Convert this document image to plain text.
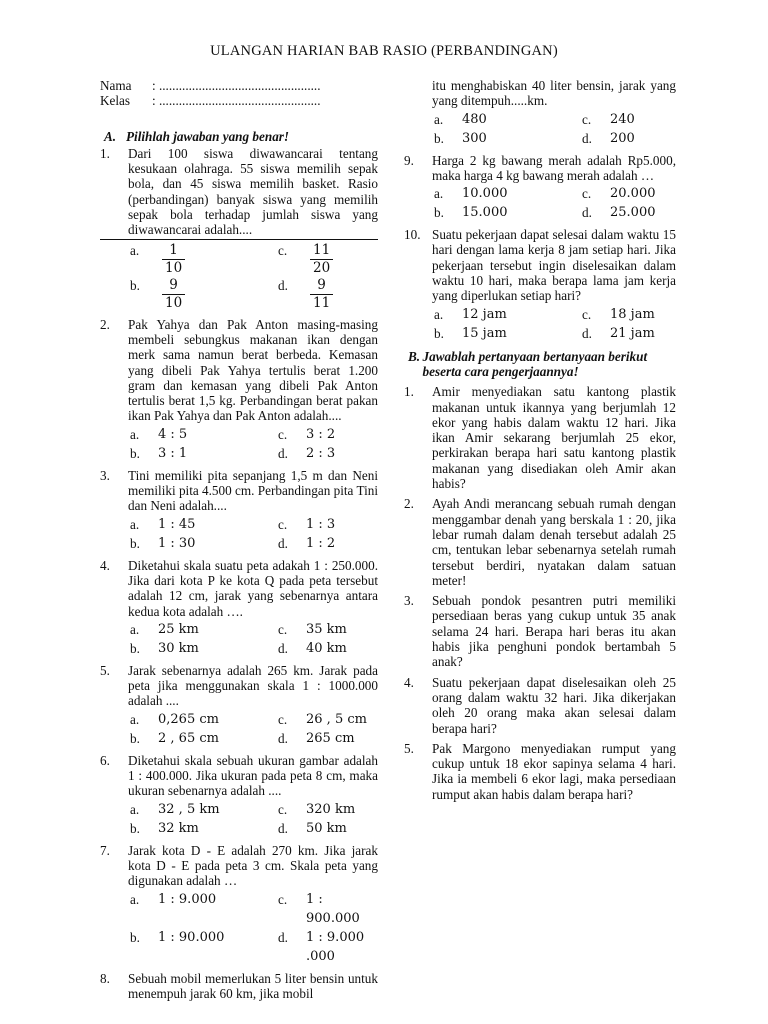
ULANGAN HARIAN BAB RASIO (PERBANDINGAN)
Nama	: .................................................
Kelas	: .................................................
A. Pilihlah jawaban yang benar!
1.	Dari 100 siswa diwawancarai tentang kesukaan olahraga. 55 siswa memilih sepak bola, dan 45 siswa memilih basket. Rasio (perbandingan) banyak siswa yang memilih sepak bola terhadap jumlah siswa yang diwawancarai adalah....
a.	$\frac{1}{10}$	c.	$\frac{11}{20}$
b.	$\frac{9}{10}$	d.	$\frac{9}{11}$
2.	Pak Yahya dan Pak Anton masing-masing membeli sebungkus makanan ikan dengan merk sama namun berat berbeda. Kemasan yang dibeli Pak Yahya tertulis berat 1.200 gram dan kemasan yang dibeli Pak Anton tertulis berat 1,5 kg. Perbandingan berat pakan ikan Pak Yahya dan Pak Anton adalah....
a.	4 : 5	c.	3 : 2
b.	3 : 1	d.	2 : 3
3.	Tini memiliki pita sepanjang 1,5 m dan Neni memiliki pita 4.500 cm. Perbandingan pita Tini dan Neni adalah....
a.	1 : 45	c.	1 : 3
b.	1 : 30	d.	1 : 2
4.	Diketahui skala suatu peta adakah 1 : 250.000. Jika dari kota P ke kota Q pada peta tersebut adalah 12 cm, jarak yang sebenarnya antara kedua kota adalah ….
a.	25 km	c.	35 km
b.	30 km	d.	40 km
5.	Jarak sebenarnya adalah 265 km. Jarak pada peta jika menggunakan skala 1 : 1000.000 adalah ....
a.	0,265 cm	c.	26 , 5 cm
b.	2 , 65 cm	d.	265 cm
6.	Diketahui skala sebuah ukuran gambar adalah 1 : 400.000. Jika ukuran pada peta 8 cm, maka ukuran sebenarnya adalah ....
a.	32 , 5 km	c.	320 km
b.	32 km	d.	50 km
7.	Jarak kota D - E adalah 270 km. Jika jarak kota D - E pada peta 3 cm. Skala peta yang digunakan adalah …
a.	1 : 9.000	c.	1 : 900.000
b.	1 : 90.000	d.	1 : 9.000 .000
8.	Sebuah mobil memerlukan 5 liter bensin untuk menempuh jarak 60 km, jika mobil
itu menghabiskan 40 liter bensin, jarak yang yang ditempuh.....km.
a.	480	c.	240
b.	300	d.	200
9.	Harga 2 kg bawang merah adalah Rp5.000, maka harga 4 kg bawang merah adalah …
a.	10.000	c.	20.000
b.	15.000	d.	25.000
10. Suatu pekerjaan dapat selesai dalam waktu 15 hari dengan lama kerja 8 jam setiap hari. Jika pekerjaan tersebut ingin diselesaikan dalam waktu 10 hari, maka berapa lama jam kerja yang diperlukan setiap hari?
a.	12 jam	c.	18 jam
b.	15 jam	d.	21 jam
B. Jawablah pertanyaan bertanyaan berikut beserta cara pengerjaannya!
1.	Amir menyediakan satu kantong plastik makanan untuk ikannya yang berjumlah 12 ekor yang habis dalam waktu 12 hari. Jika ikan Amir sekarang berjumlah 25 ekor, perkirakan berapa hari satu kantong plastik makanan yang disediakan oleh Amir akan habis?
2.	Ayah Andi merancang sebuah rumah dengan menggambar denah yang berskala 1 : 20, jika lebar rumah dalam denah tersebut adalah 25 cm, tentukan lebar sebenarnya setelah rumah tersebut berdiri, nyatakan dalam satuan meter!
3.	Sebuah pondok pesantren putri memiliki persediaan beras yang cukup untuk 35 anak selama 24 hari. Berapa hari beras itu akan habis jika penghuni pondok bertambah 5 anak?
4.	Suatu pekerjaan dapat diselesaikan oleh 25 orang dalam waktu 32 hari. Jika dikerjakan oleh 20 orang maka akan selesai dalam berapa hari?
5.	Pak Margono menyediakan rumput yang cukup untuk 18 ekor sapinya selama 4 hari. Jika ia membeli 6 ekor lagi, maka persediaan rumput akan habis dalam berapa hari?
